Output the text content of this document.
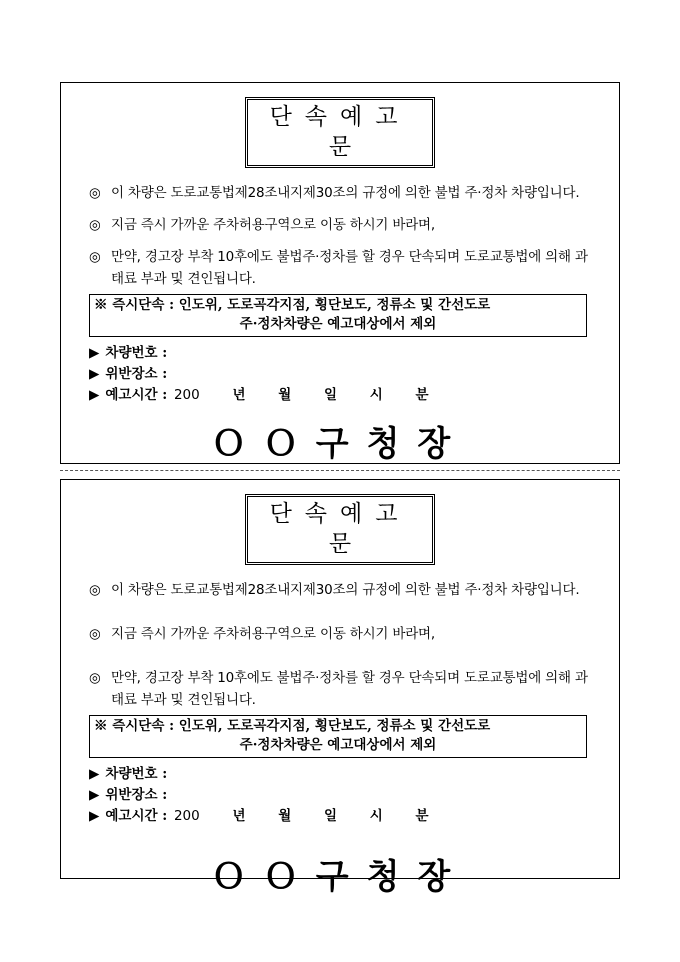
단속예고문
◎ 이 차량은 도로교통법제28조내지제30조의 규정에 의한 불법 주·정차 차량입니다.
◎ 지금 즉시 가까운 주차허용구역으로 이동 하시기 바라며,
◎ 만약, 경고장 부착 10후에도 불법주·정차를 할 경우 단속되며 도로교통법에 의해 과태료 부과 및 견인됩니다.
※ 즉시단속 : 인도위, 도로곡각지점, 횡단보도, 정류소 및 간선도로
주·정차차량은 예고대상에서 제외
▶ 차량번호 :
▶ 위반장소 :
▶ 예고시간 : 200 년 월 일 시 분
ＯＯ구청장
단속예고문
◎ 이 차량은 도로교통법제28조내지제30조의 규정에 의한 불법 주·정차 차량입니다.
◎ 지금 즉시 가까운 주차허용구역으로 이동 하시기 바라며,
◎ 만약, 경고장 부착 10후에도 불법주·정차를 할 경우 단속되며 도로교통법에 의해 과태료 부과 및 견인됩니다.
※ 즉시단속 : 인도위, 도로곡각지점, 횡단보도, 정류소 및 간선도로
주·정차차량은 예고대상에서 제외
▶ 차량번호 :
▶ 위반장소 :
▶ 예고시간 : 200 년 월 일 시 분
ＯＯ구청장
